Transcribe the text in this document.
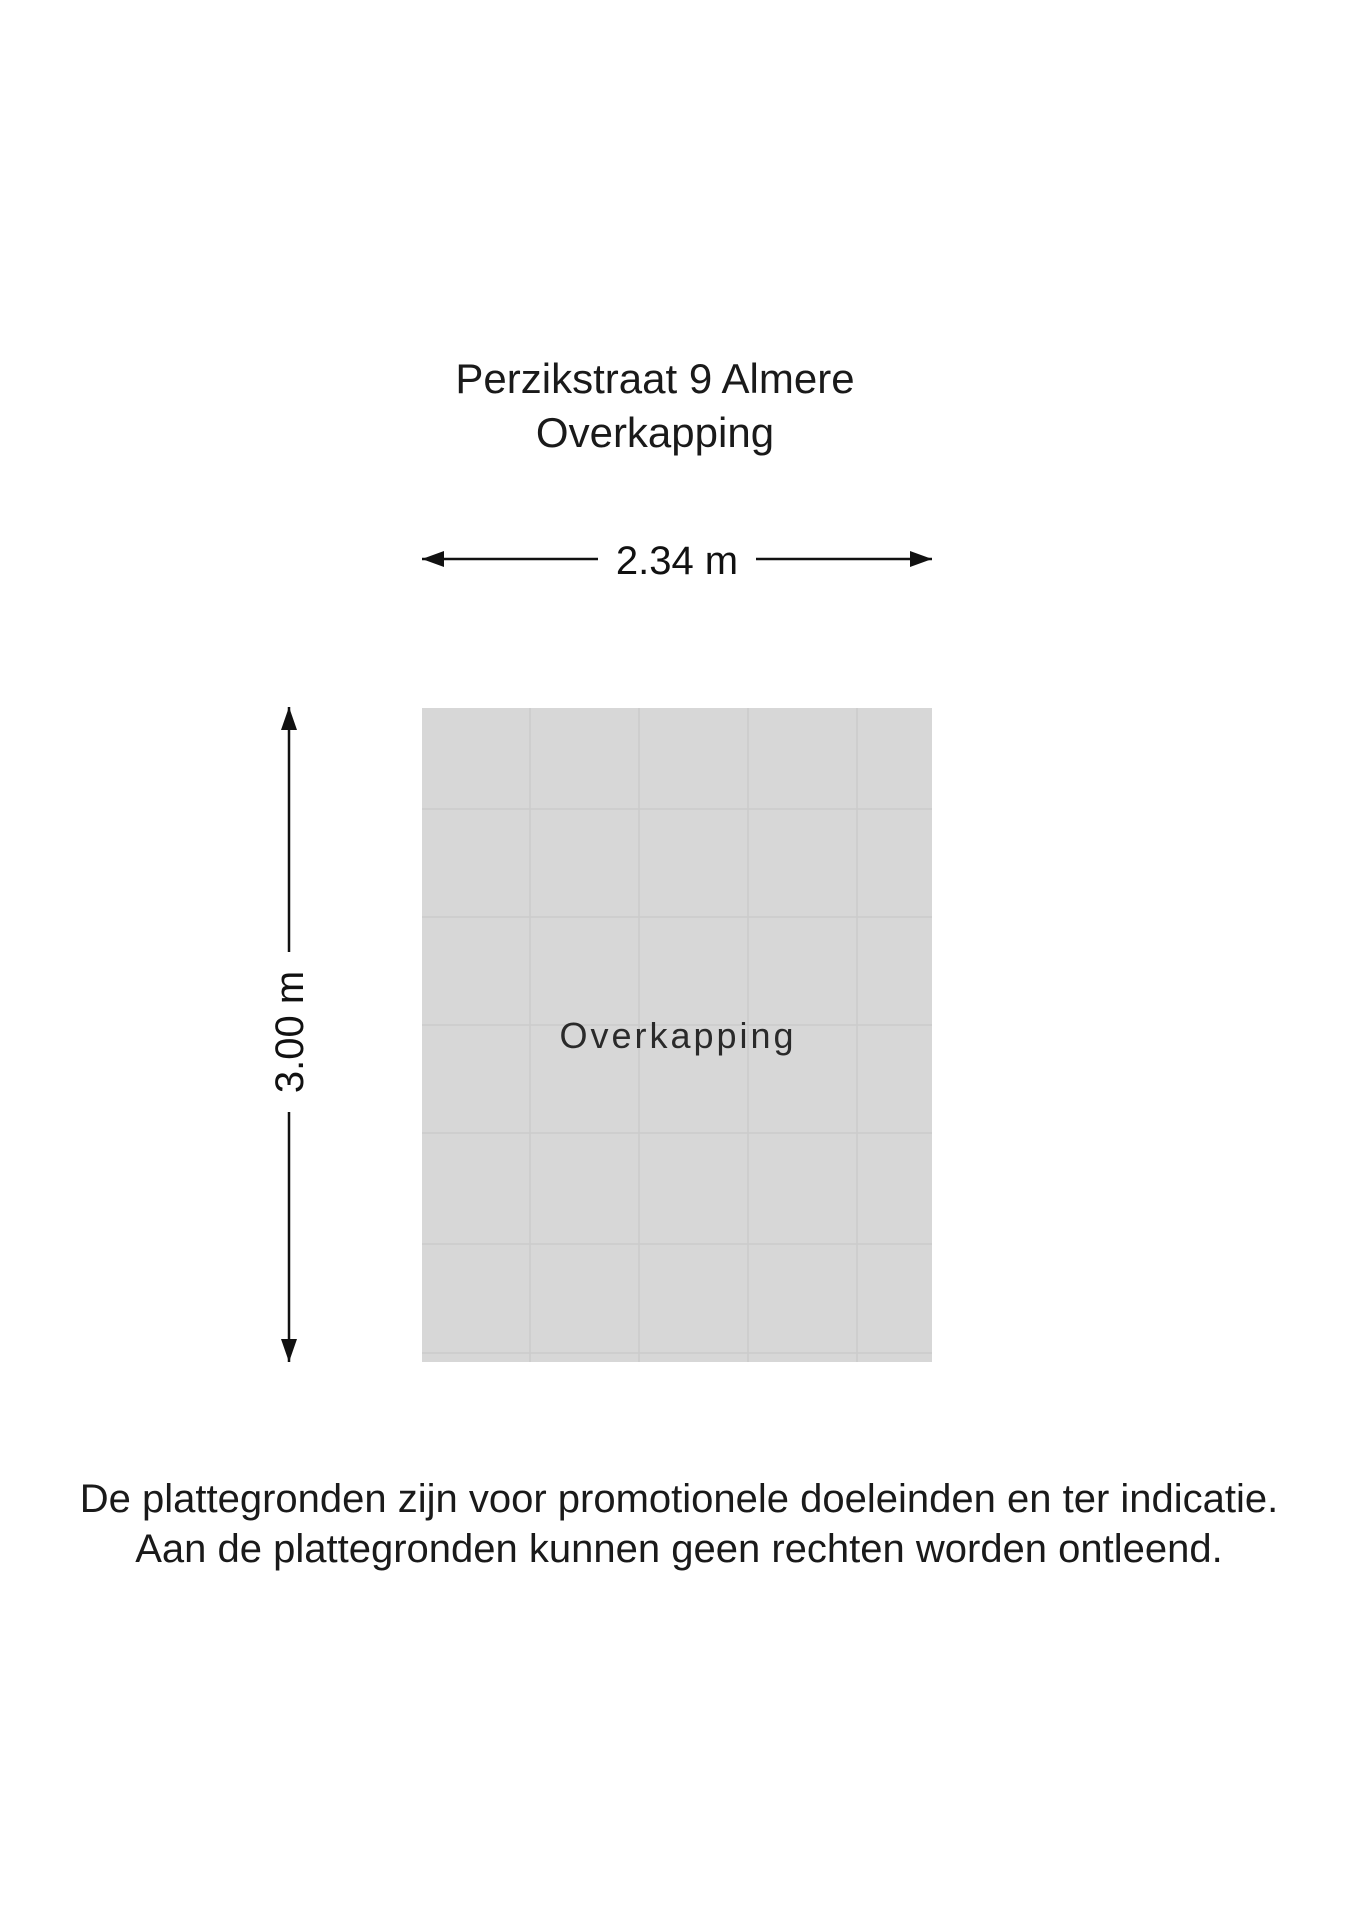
Perzikstraat 9 Almere
Overkapping
2.34 m
3.00 m	Overkapping
De plattegronden zijn voor promotionele doeleinden en ter indicatie.
Aan de plattegronden kunnen geen rechten worden ontleend.
